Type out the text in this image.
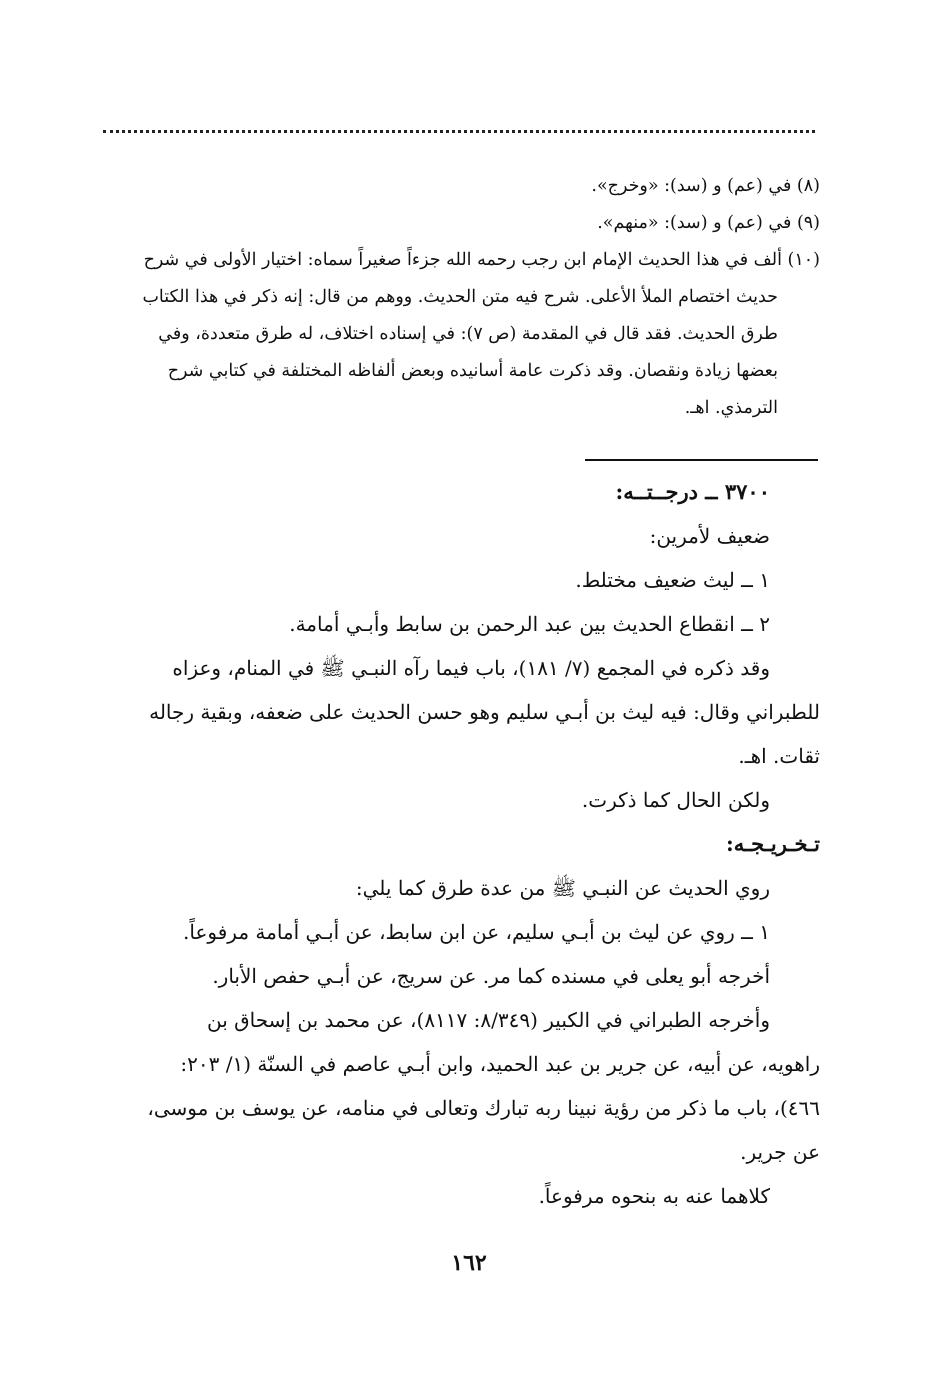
(٨) في (عم) و (سد): «وخرج».
(٩) في (عم) و (سد): «منهم».
(١٠) ألف في هذا الحديث الإمام ابن رجب رحمه الله جزءاً صغيراً سماه: اختيار الأولى في شرح
حديث اختصام الملأ الأعلى. شرح فيه متن الحديث. ووهم من قال: إنه ذكر في هذا الكتاب
طرق الحديث. فقد قال في المقدمة (ص ٧): في إسناده اختلاف، له طرق متعددة، وفي
بعضها زيادة ونقصان. وقد ذكرت عامة أسانيده وبعض ألفاظه المختلفة في كتابي شرح
الترمذي. اهـ.
٣٧٠٠ ــ درجــتــه:
ضعيف لأمرين:
١ ــ ليث ضعيف مختلط.
٢ ــ انقطاع الحديث بين عبد الرحمن بن سابط وأبـي أمامة.
وقد ذكره في المجمع (٧/ ١٨١)، باب فيما رآه النبـي ﷺ في المنام، وعزاه
للطبراني وقال: فيه ليث بن أبـي سليم وهو حسن الحديث على ضعفه، وبقية رجاله
ثقات. اهـ.
ولكن الحال كما ذكرت.
تـخـريـجـه:
روي الحديث عن النبـي ﷺ من عدة طرق كما يلي:
١ ــ روي عن ليث بن أبـي سليم، عن ابن سابط، عن أبـي أمامة مرفوعاً.
أخرجه أبو يعلى في مسنده كما مر. عن سريج، عن أبـي حفص الأبار.
وأخرجه الطبراني في الكبير (٨/٣٤٩: ٨١١٧)، عن محمد بن إسحاق بن
راهويه، عن أبيه، عن جرير بن عبد الحميد، وابن أبـي عاصم في السنّة (١/ ٢٠٣:
٤٦٦)، باب ما ذكر من رؤية نبينا ربه تبارك وتعالى في منامه، عن يوسف بن موسى،
عن جرير.
كلاهما عنه به بنحوه مرفوعاً.
١٦٢
